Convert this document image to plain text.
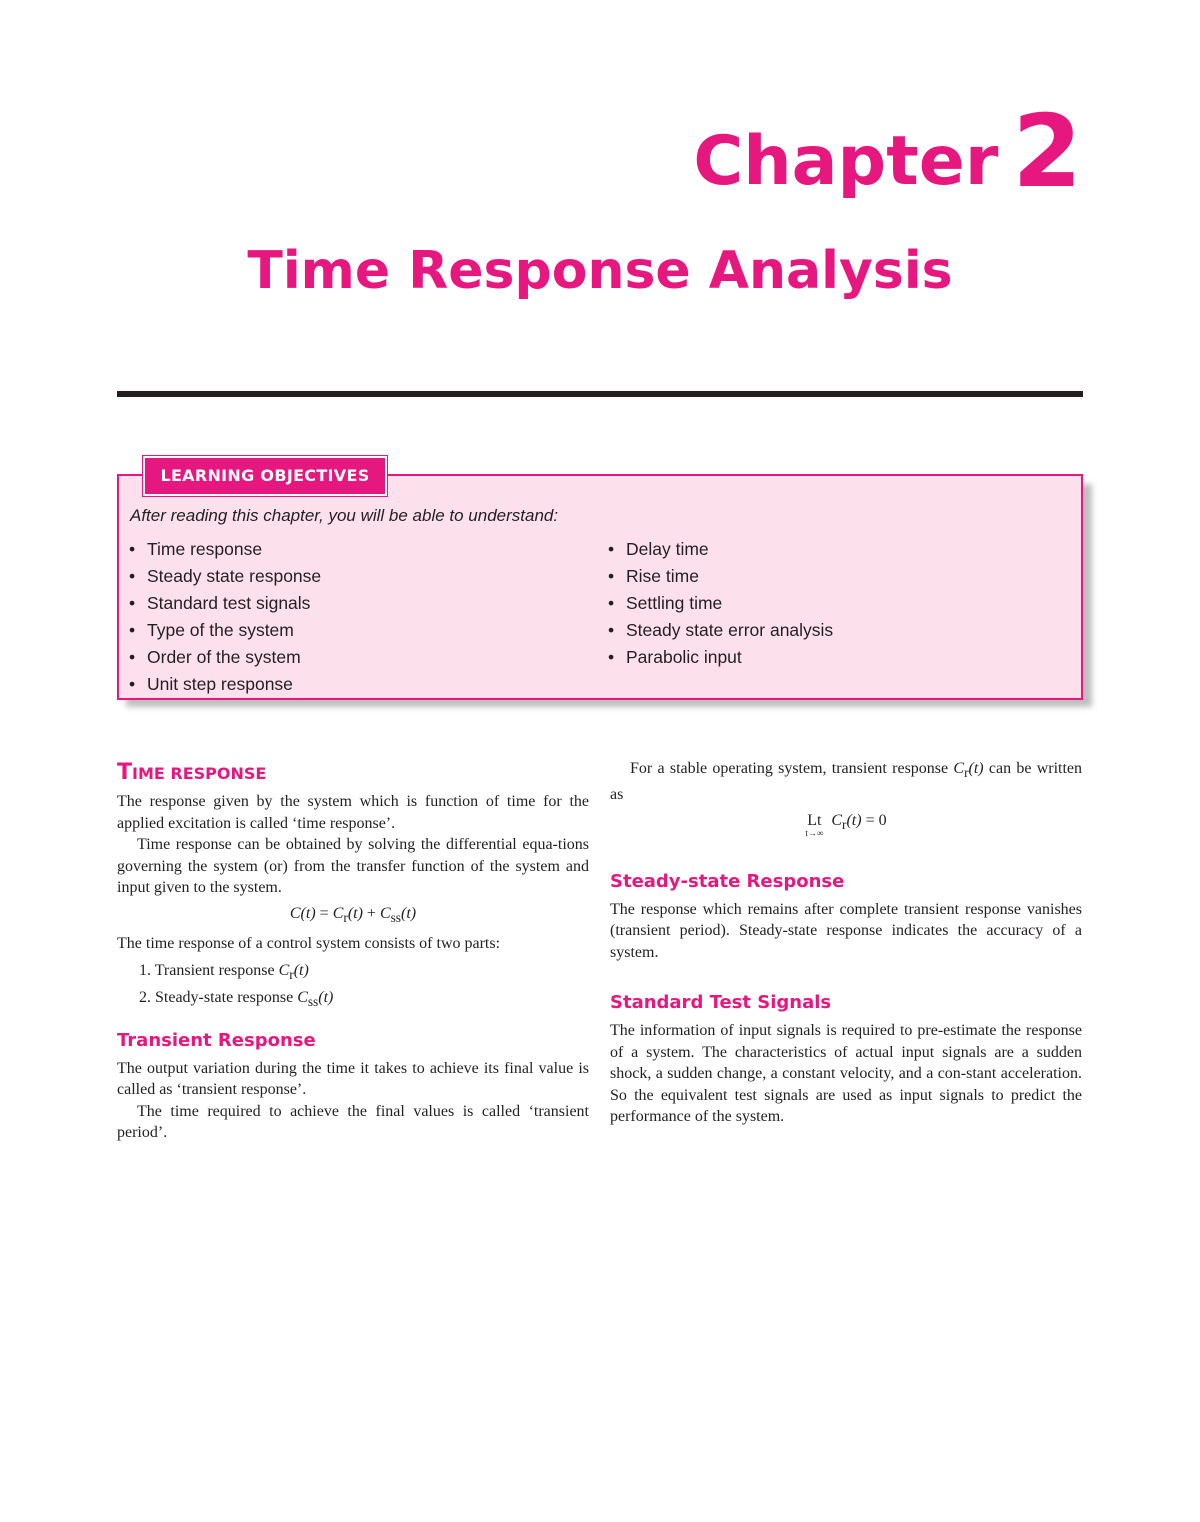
Chapter 2
Time Response Analysis
LEARNING OBJECTIVES
After reading this chapter, you will be able to understand:
• Time response
• Steady state response
• Standard test signals
• Type of the system
• Order of the system
• Unit step response
• Delay time
• Rise time
• Settling time
• Steady state error analysis
• Parabolic input
TIME RESPONSE

The response given by the system which is function of time for the applied excitation is called ‘time response’.

Time response can be obtained by solving the differential equa-tions governing the system (or) from the transfer function of the system and input given to the system.

$C(t) = C_r(t) + C_{ss}(t)$

The time response of a control system consists of two parts:

1. Transient response $C_r(t)$
2. Steady-state response $C_{ss}(t)$
Transient Response

The output variation during the time it takes to achieve its final value is called as ‘transient response’.

The time required to achieve the final values is called ‘transient period’.

For a stable operating system, transient response $C_r(t)$ can be written as

Lt
t→∞
$C_r(t) = 0$
Steady-state Response

The response which remains after complete transient response vanishes (transient period). Steady-state response indicates the accuracy of a system.

Standard Test Signals

The information of input signals is required to pre-estimate the response of a system. The characteristics of actual input signals are a sudden shock, a sudden change, a constant velocity, and a con-stant acceleration. So the equivalent test signals are used as input signals to predict the performance of the system.
